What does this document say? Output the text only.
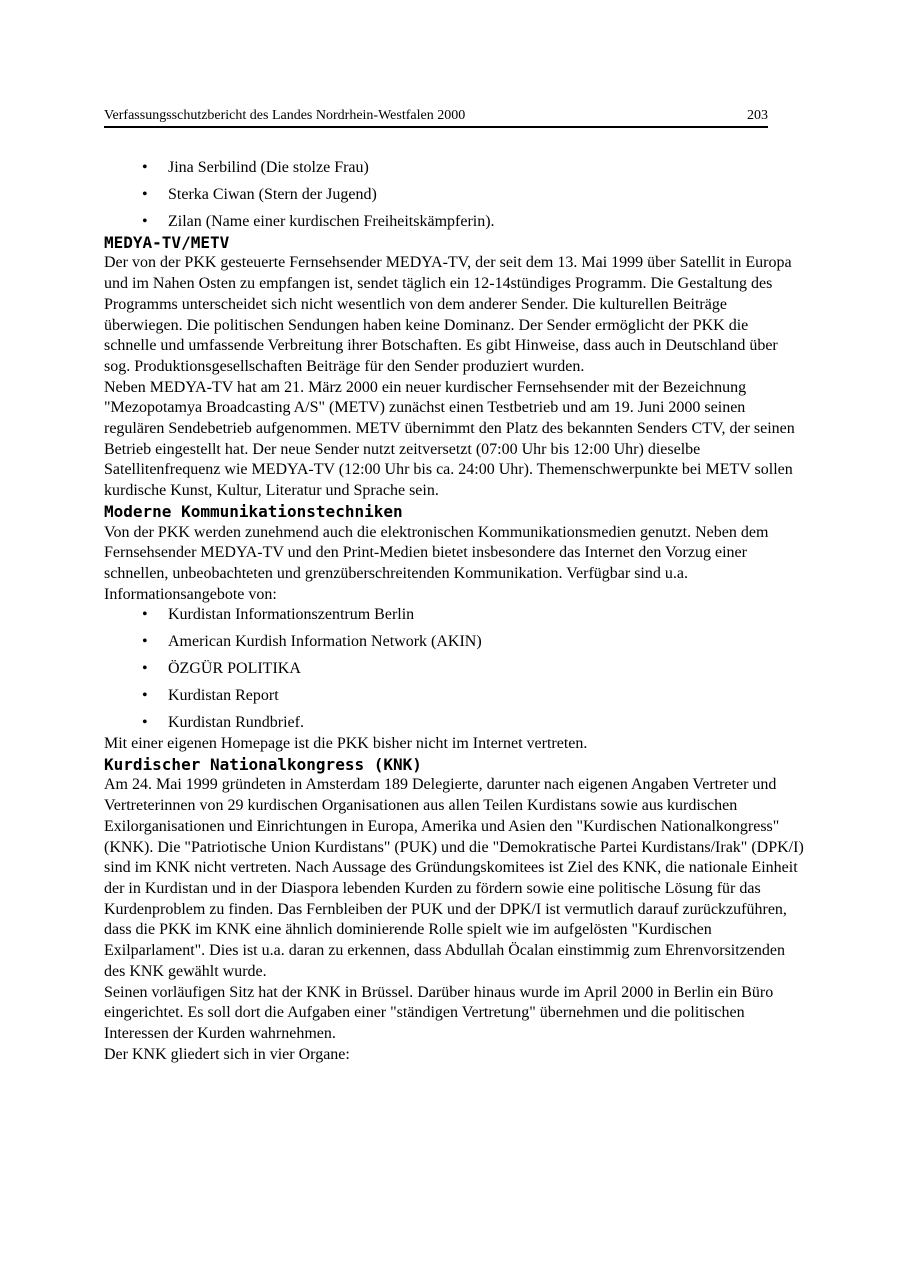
Verfassungsschutzbericht des Landes Nordrhein-Westfalen 2000	203
• Jina Serbilind (Die stolze Frau)
• Sterka Ciwan (Stern der Jugend)
• Zilan (Name einer kurdischen Freiheitskämpferin).
MEDYA-TV/METV

Der von der PKK gesteuerte Fernsehsender MEDYA-TV, der seit dem 13. Mai 1999 über Satellit in Europa und im Nahen Osten zu empfangen ist, sendet täglich ein 12-14stündiges Programm. Die Gestaltung des Programms unterscheidet sich nicht wesentlich von dem anderer Sender. Die kulturellen Beiträge überwiegen. Die politischen Sendungen haben keine Dominanz. Der Sender ermöglicht der PKK die schnelle und umfassende Verbreitung ihrer Botschaften. Es gibt Hinweise, dass auch in Deutschland über sog. Produktionsgesellschaften Beiträge für den Sender produziert wurden.

Neben MEDYA-TV hat am 21. März 2000 ein neuer kurdischer Fernsehsender mit der Bezeichnung "Mezopotamya Broadcasting A/S" (METV) zunächst einen Testbetrieb und am 19. Juni 2000 seinen regulären Sendebetrieb aufgenommen. METV übernimmt den Platz des bekannten Senders CTV, der seinen Betrieb eingestellt hat. Der neue Sender nutzt zeitversetzt (07:00 Uhr bis 12:00 Uhr) dieselbe Satellitenfrequenz wie MEDYA-TV (12:00 Uhr bis ca. 24:00 Uhr). Themenschwerpunkte bei METV sollen kurdische Kunst, Kultur, Literatur und Sprache sein.

Moderne Kommunikationstechniken

Von der PKK werden zunehmend auch die elektronischen Kommunikationsmedien genutzt. Neben dem Fernsehsender MEDYA-TV und den Print-Medien bietet insbesondere das Internet den Vorzug einer schnellen, unbeobachteten und grenzüberschreitenden Kommunikation. Verfügbar sind u.a. Informationsangebote von:

• Kurdistan Informationszentrum Berlin
• American Kurdish Information Network (AKIN)
• ÖZGÜR POLITIKA
• Kurdistan Report
• Kurdistan Rundbrief.

Mit einer eigenen Homepage ist die PKK bisher nicht im Internet vertreten.

Kurdischer Nationalkongress (KNK)

Am 24. Mai 1999 gründeten in Amsterdam 189 Delegierte, darunter nach eigenen Angaben Vertreter und Vertreterinnen von 29 kurdischen Organisationen aus allen Teilen Kurdistans sowie aus kurdischen Exilorganisationen und Einrichtungen in Europa, Amerika und Asien den "Kurdischen Nationalkongress" (KNK). Die "Patriotische Union Kurdistans" (PUK) und die "Demokratische Partei Kurdistans/Irak" (DPK/I) sind im KNK nicht vertreten. Nach Aussage des Gründungskomitees ist Ziel des KNK, die nationale Einheit der in Kurdistan und in der Diaspora lebenden Kurden zu fördern sowie eine politische Lösung für das Kurdenproblem zu finden. Das Fernbleiben der PUK und der DPK/I ist vermutlich darauf zurückzuführen, dass die PKK im KNK eine ähnlich dominierende Rolle spielt wie im aufgelösten "Kurdischen Exilparlament". Dies ist u.a. daran zu erkennen, dass Abdullah Öcalan einstimmig zum Ehrenvorsitzenden des KNK gewählt wurde.

Seinen vorläufigen Sitz hat der KNK in Brüssel. Darüber hinaus wurde im April 2000 in Berlin ein Büro eingerichtet. Es soll dort die Aufgaben einer "ständigen Vertretung" übernehmen und die politischen Interessen der Kurden wahrnehmen.

Der KNK gliedert sich in vier Organe:
